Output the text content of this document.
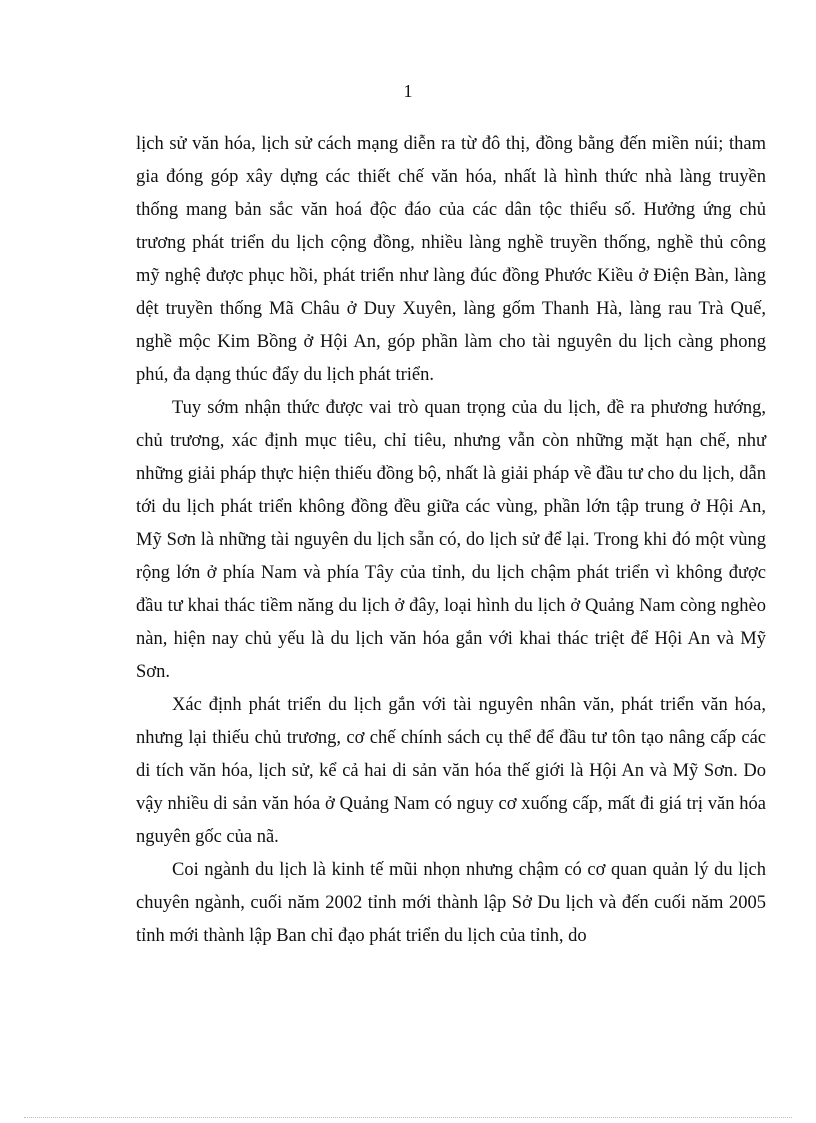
1

lịch sử văn hóa, lịch sử cách mạng diễn ra từ đô thị, đồng bằng đến miền núi; tham gia đóng góp xây dựng các thiết chế văn hóa, nhất là hình thức nhà làng truyền thống mang bản sắc văn hoá độc đáo của các dân tộc thiểu số. Hưởng ứng chủ trương phát triển du lịch cộng đồng, nhiều làng nghề truyền thống, nghề thủ công mỹ nghệ được phục hồi, phát triển như làng đúc đồng Phước Kiều ở Điện Bàn, làng dệt truyền thống Mã Châu ở Duy Xuyên, làng gốm Thanh Hà, làng rau Trà Quế, nghề mộc Kim Bồng ở Hội An, góp phần làm cho tài nguyên du lịch càng phong phú, đa dạng thúc đẩy du lịch phát triển.

Tuy sớm nhận thức được vai trò quan trọng của du lịch, đề ra phương hướng, chủ trương, xác định mục tiêu, chỉ tiêu, nhưng vẫn còn những mặt hạn chế, như những giải pháp thực hiện thiếu đồng bộ, nhất là giải pháp về đầu tư cho du lịch, dẫn tới du lịch phát triển không đồng đều giữa các vùng, phần lớn tập trung ở Hội An, Mỹ Sơn là những tài nguyên du lịch sẵn có, do lịch sử để lại. Trong khi đó một vùng rộng lớn ở phía Nam và phía Tây của tỉnh, du lịch chậm phát triển vì không được đầu tư khai thác tiềm năng du lịch ở đây, loại hình du lịch ở Quảng Nam còng nghèo nàn, hiện nay chủ yếu là du lịch văn hóa gắn với khai thác triệt để Hội An và Mỹ Sơn.

Xác định phát triển du lịch gắn với tài nguyên nhân văn, phát triển văn hóa, nhưng lại thiếu chủ trương, cơ chế chính sách cụ thể để đầu tư tôn tạo nâng cấp các di tích văn hóa, lịch sử, kể cả hai di sản văn hóa thế giới là Hội An và Mỹ Sơn. Do vậy nhiều di sản văn hóa ở Quảng Nam có nguy cơ xuống cấp, mất đi giá trị văn hóa nguyên gốc của nã.

Coi ngành du lịch là kinh tế mũi nhọn nhưng chậm có cơ quan quản lý du lịch chuyên ngành, cuối năm 2002 tỉnh mới thành lập Sở Du lịch và đến cuối năm 2005 tỉnh mới thành lập Ban chỉ đạo phát triển du lịch của tỉnh, do
